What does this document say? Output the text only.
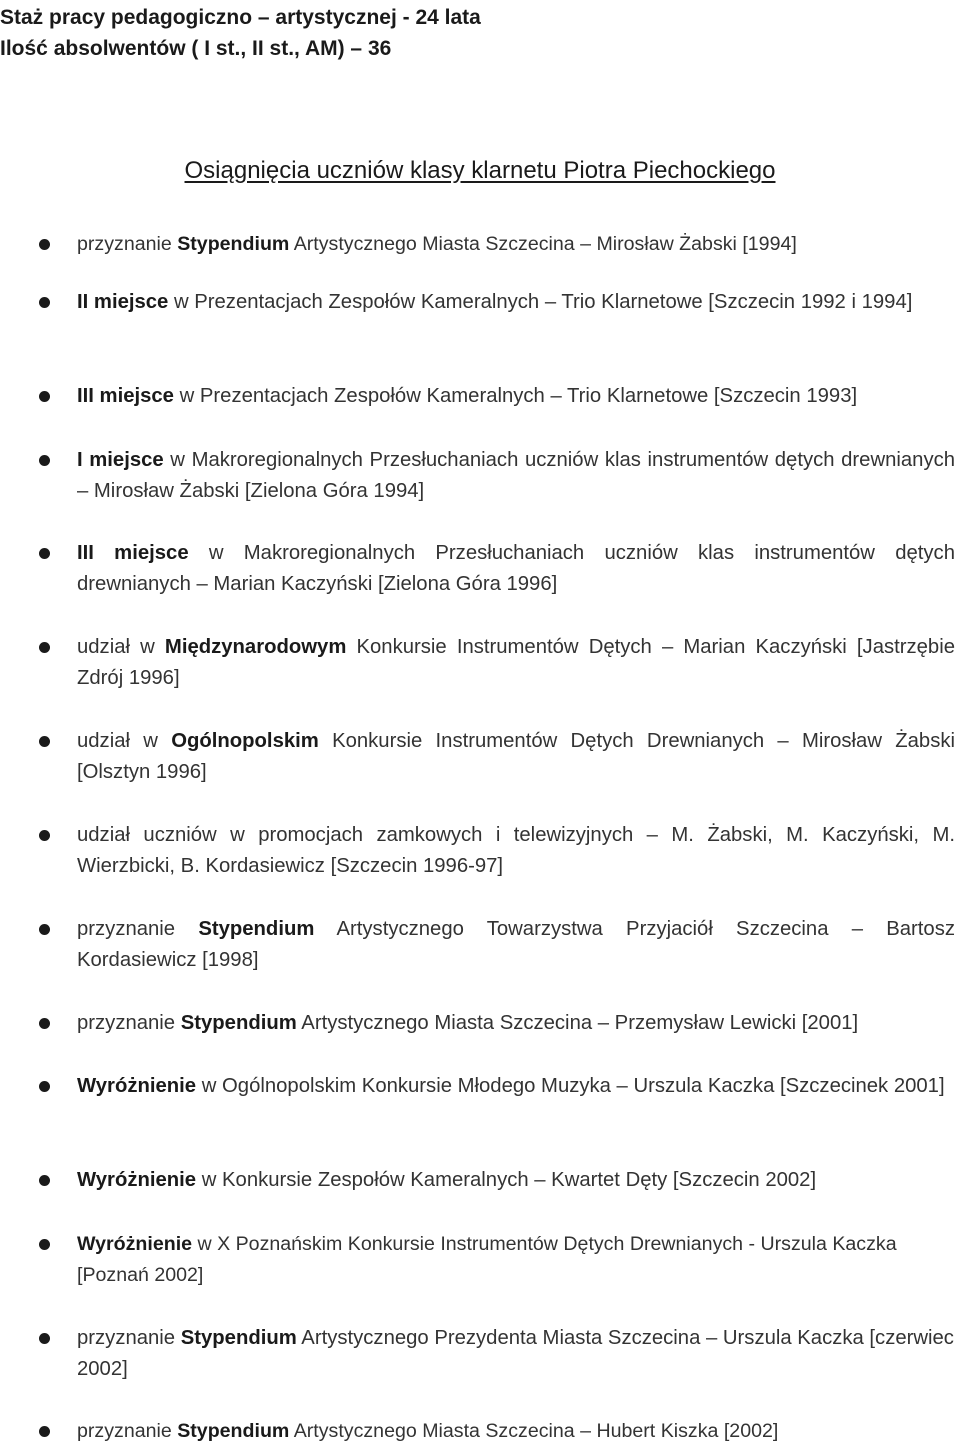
Staż pracy pedagogiczno – artystycznej - 24 lata
Ilość absolwentów ( I st., II st., AM) – 36
Osiągnięcia uczniów klasy klarnetu Piotra Piechockiego
przyznanie Stypendium Artystycznego Miasta Szczecina – Mirosław Żabski [1994]
II miejsce w Prezentacjach Zespołów Kameralnych – Trio Klarnetowe [Szczecin 1992 i 1994]
III miejsce w Prezentacjach Zespołów Kameralnych – Trio Klarnetowe [Szczecin 1993]
I miejsce w Makroregionalnych Przesłuchaniach uczniów klas instrumentów dętych drewnianych – Mirosław Żabski [Zielona Góra 1994]
III miejsce w Makroregionalnych Przesłuchaniach uczniów klas instrumentów dętych drewnianych – Marian Kaczyński [Zielona Góra 1996]
udział w Międzynarodowym Konkursie Instrumentów Dętych – Marian Kaczyński [Jastrzębie Zdrój 1996]
udział w Ogólnopolskim Konkursie Instrumentów Dętych Drewnianych – Mirosław Żabski [Olsztyn 1996]
udział uczniów w promocjach zamkowych i telewizyjnych – M. Żabski, M. Kaczyński, M. Wierzbicki, B. Kordasiewicz [Szczecin 1996-97]
przyznanie Stypendium Artystycznego Towarzystwa Przyjaciół Szczecina – Bartosz Kordasiewicz [1998]
przyznanie Stypendium Artystycznego Miasta Szczecina – Przemysław Lewicki [2001]
Wyróżnienie w Ogólnopolskim Konkursie Młodego Muzyka – Urszula Kaczka [Szczecinek 2001]
Wyróżnienie w Konkursie Zespołów Kameralnych – Kwartet Dęty [Szczecin 2002]
Wyróżnienie w X Poznańskim Konkursie Instrumentów Dętych Drewnianych - Urszula Kaczka [Poznań 2002]
przyznanie Stypendium Artystycznego Prezydenta Miasta Szczecina – Urszula Kaczka [czerwiec 2002]
przyznanie Stypendium Artystycznego Miasta Szczecina – Hubert Kiszka [2002]
